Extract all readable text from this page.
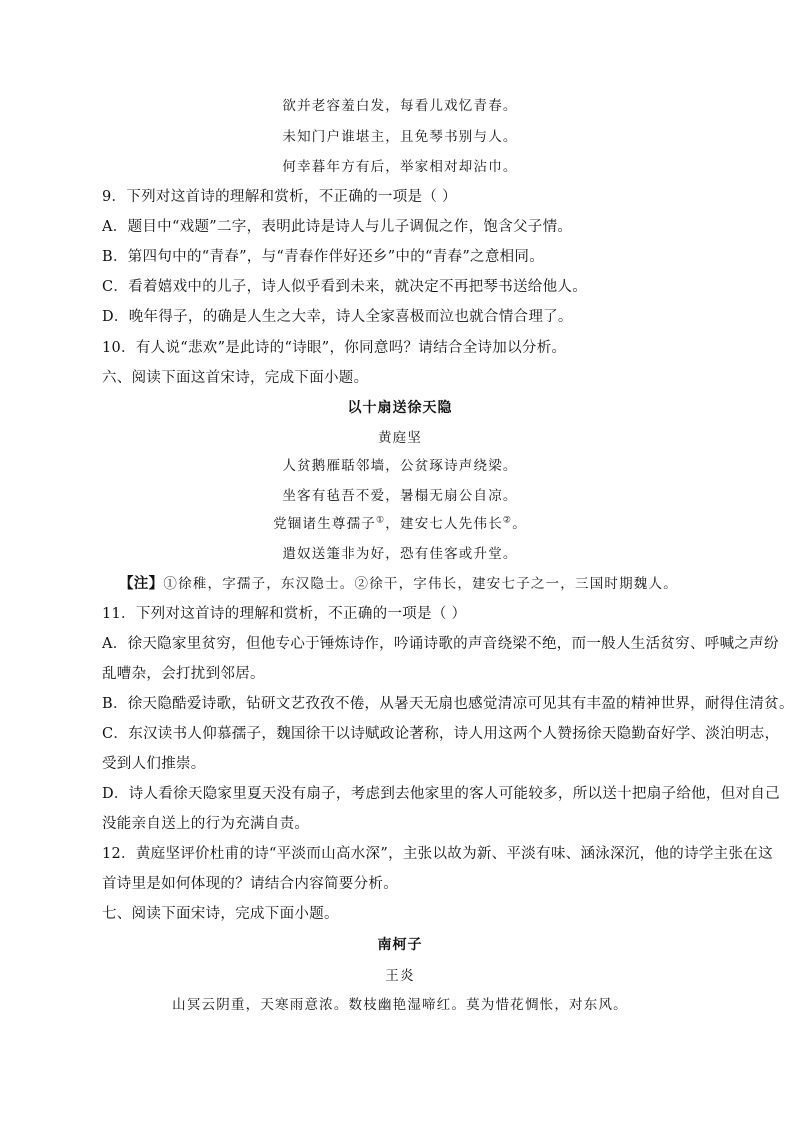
欲并老容羞白发，每看儿戏忆青春。
未知门户谁堪主，且免琴书别与人。
何幸暮年方有后，举家相对却沾巾。
9．下列对这首诗的理解和赏析，不正确的一项是（ ）
A．题目中“戏题”二字，表明此诗是诗人与儿子调侃之作，饱含父子情。
B．第四句中的“青春”，与“青春作伴好还乡”中的“青春”之意相同。
C．看着嬉戏中的儿子，诗人似乎看到未来，就决定不再把琴书送给他人。
D．晚年得子，的确是人生之大幸，诗人全家喜极而泣也就合情合理了。
10．有人说“悲欢”是此诗的“诗眼”，你同意吗？请结合全诗加以分析。
六、阅读下面这首宋诗，完成下面小题。
以十扇送徐天隐
黄庭坚
人贫鹅雁聒邻墙，公贫琢诗声绕梁。
坐客有毡吾不爱，暑榻无扇公自凉。
党锢诸生尊孺子①，建安七人先伟长②。
遣奴送箑非为好，恐有佳客或升堂。
【注】①徐稚，字孺子，东汉隐士。②徐干，字伟长，建安七子之一，三国时期魏人。
11．下列对这首诗的理解和赏析，不正确的一项是（ ）
A．徐天隐家里贫穷，但他专心于锤炼诗作，吟诵诗歌的声音绕梁不绝，而一般人生活贫穷、呼喊之声纷
乱嘈杂，会打扰到邻居。
B．徐天隐酷爱诗歌，钻研文艺孜孜不倦，从暑天无扇也感觉清凉可见其有丰盈的精神世界，耐得住清贫。
C．东汉读书人仰慕孺子，魏国徐干以诗赋政论著称，诗人用这两个人赞扬徐天隐勤奋好学、淡泊明志，
受到人们推崇。
D．诗人看徐天隐家里夏天没有扇子，考虑到去他家里的客人可能较多，所以送十把扇子给他，但对自己
没能亲自送上的行为充满自责。
12．黄庭坚评价杜甫的诗“平淡而山高水深”，主张以故为新、平淡有味、涵泳深沉，他的诗学主张在这
首诗里是如何体现的？请结合内容简要分析。
七、阅读下面宋诗，完成下面小题。
南柯子
王炎
山冥云阴重，天寒雨意浓。数枝幽艳湿啼红。莫为惜花惆怅，对东风。
